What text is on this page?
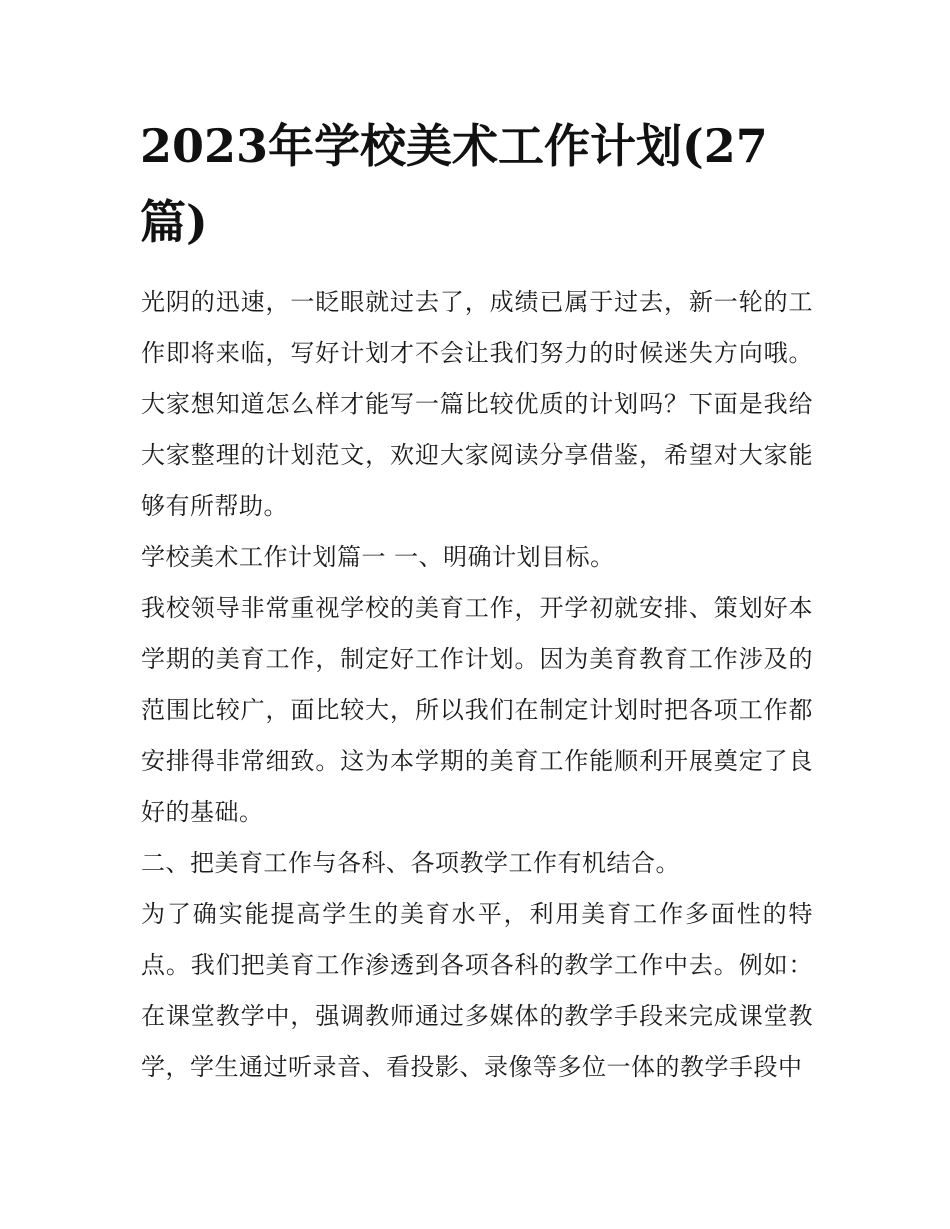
2023年学校美术工作计划(27篇)

光阴的迅速，一眨眼就过去了，成绩已属于过去，新一轮的工作即将来临，写好计划才不会让我们努力的时候迷失方向哦。大家想知道怎么样才能写一篇比较优质的计划吗？下面是我给大家整理的计划范文，欢迎大家阅读分享借鉴，希望对大家能够有所帮助。

学校美术工作计划篇一 一、明确计划目标。

我校领导非常重视学校的美育工作，开学初就安排、策划好本学期的美育工作，制定好工作计划。因为美育教育工作涉及的范围比较广，面比较大，所以我们在制定计划时把各项工作都安排得非常细致。这为本学期的美育工作能顺利开展奠定了良好的基础。

二、把美育工作与各科、各项教学工作有机结合。

为了确实能提高学生的美育水平，利用美育工作多面性的特点。我们把美育工作渗透到各项各科的教学工作中去。例如：在课堂教学中，强调教师通过多媒体的教学手段来完成课堂教学，学生通过听录音、看投影、录像等多位一体的教学手段中
